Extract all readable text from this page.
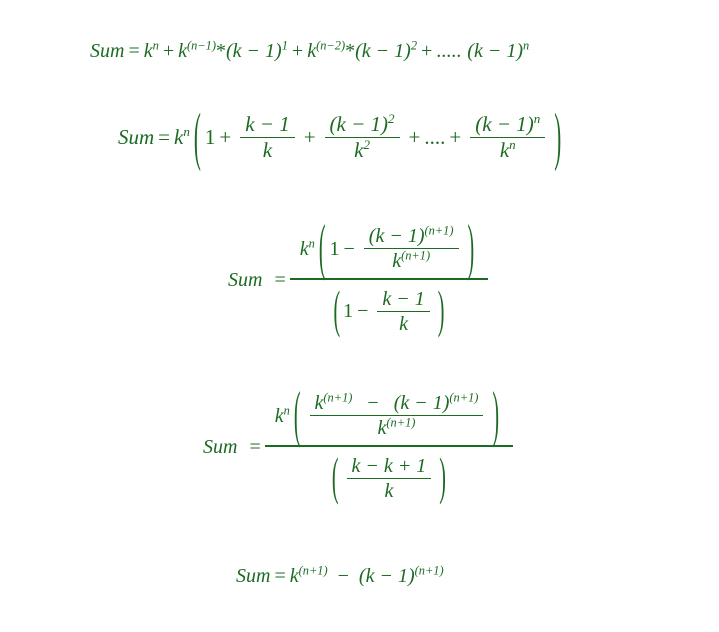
Sum = $k^n + k^{(n-1)}*(k - 1)^1 + k^{(n-2)}*(k - 1)^2$ + ..... $(k - 1)^n$
Sum = $k^n$ ( $1 + \frac{k - 1}{k} + \frac{(k - 1)^2}{k^2}$ + .... + $\frac{(k - 1)^n}{k^n}$ )
Sum =
$k^n$ ( $1 - \frac{(k - 1)^{(n+1)}}{k^{(n+1)}}$ )
( $1 - \frac{k - 1}{k}$ )
Sum =
$k^n$ ( $\frac{k^{(n+1)} - (k - 1)^{(n+1)}}{k^{(n+1)}}$ )
( $\frac{k - k + 1}{k}$ )
Sum = $k^{(n+1)} - (k - 1)^{(n+1)}$
